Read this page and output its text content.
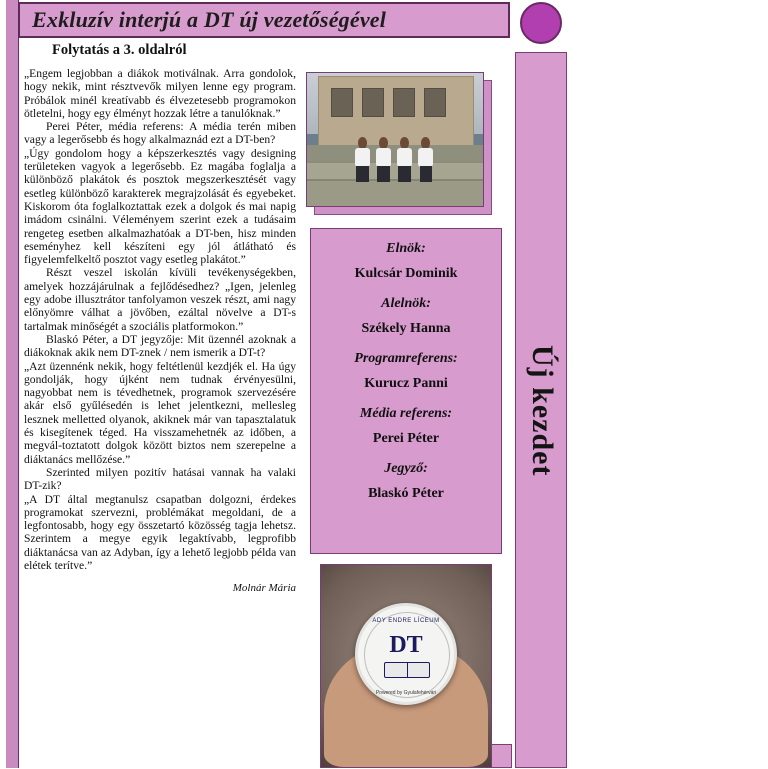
Exkluzív interjú a DT új vezetőségével
Új kezdet
Folytatás a 3. oldalról

„Engem legjobban a diákok motiválnak. Arra gondolok, hogy nekik, mint résztvevők milyen lenne egy program. Próbálok minél kreatívabb és élvezetesebb programokon ötletelni, hogy egy élményt hozzak létre a tanulóknak.”

Perei Péter, média referens: A média terén miben vagy a legerősebb és hogy alkalmaznád ezt a DT-ben?

„Úgy gondolom hogy a képszerkesztés vagy designing területeken vagyok a legerősebb. Ez magába foglalja a különböző plakátok és posztok megszerkesztését vagy esetleg különböző karakterek megrajzolását és egyebeket. Kiskorom óta foglalkoztattak ezek a dolgok és mai napig imádom csinálni. Véleményem szerint ezek a tudásaim rengeteg esetben alkalmazhatóak a DT-ben, hisz minden eseményhez kell készíteni egy jól átlátható és figyelemfelkeltő posztot vagy esetleg plakátot.”

Részt veszel iskolán kívüli tevékenységekben, amelyek hozzájárulnak a fejlődésedhez? „Igen, jelenleg egy adobe illusztrátor tanfolyamon veszek részt, ami nagy előnyömre válhat a jövőben, ezáltal növelve a DT-s tartalmak minőségét a szociális platformokon.”

Blaskó Péter, a DT jegyzője: Mit üzennél azoknak a diákoknak akik nem DT-znek / nem ismerik a DT-t?

„Azt üzennénk nekik, hogy feltétlenül kezdjék el. Ha úgy gondolják, hogy újként nem tudnak érvényesülni, nagyobbat nem is tévedhetnek, programok szervezésére akár első gyűlésedén is lehet jelentkezni, mellesleg lesznek melletted olyanok, akiknek már van tapasztalatuk és kisegítenek téged. Ha visszamehetnék az időben, a megvál-toztatott dolgok között biztos nem szerepelne a diáktanács mellőzése.”

Szerinted milyen pozitív hatásai vannak ha valaki DT-zik?

„A DT által megtanulsz csapatban dolgozni, érdekes programokat szervezni, problémákat megoldani, de a legfontosabb, hogy egy összetartó közösség tagja lehetsz. Szerintem a megye egyik legaktívabb, legprofibb diáktanácsa van az Adyban, így a lehető legjobb példa van elétek terítve.”

Molnár Mária
Elnök:
Kulcsár Dominik
Alelnök:
Székely Hanna
Programreferens:
Kurucz Panni
Média referens:
Perei Péter
Jegyző:
Blaskó Péter
ADY ENDRE LÍCEUM
DT
Powered by Gyulafehérvári
